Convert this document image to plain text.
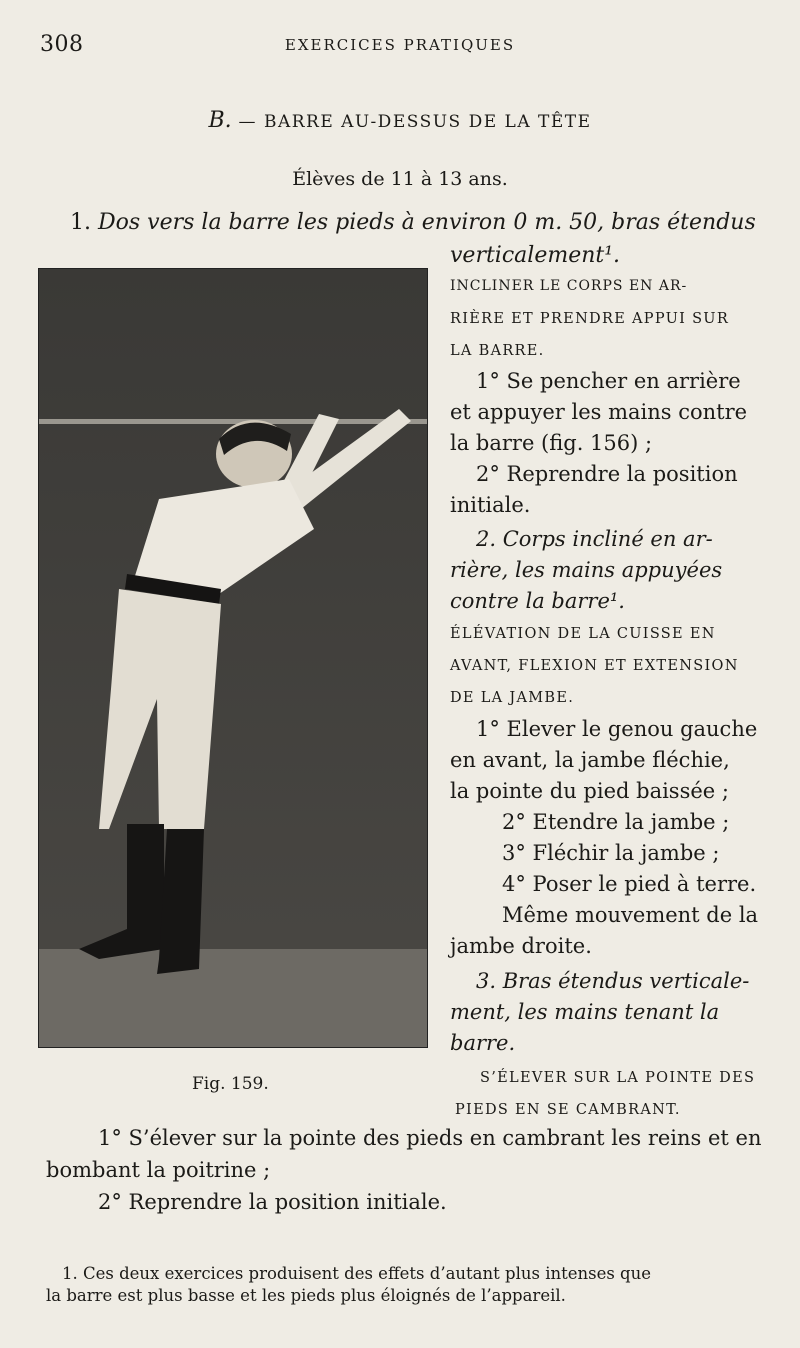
308	EXERCICES PRATIQUES
B. — BARRE AU-DESSUS DE LA TÊTE
Élèves de 11 à 13 ans.
1. Dos vers la barre les pieds à environ 0 m. 50, bras étendus
verticalement¹.
Fig. 159.
INCLINER LE CORPS EN AR-
RIÈRE ET PRENDRE APPUI SUR
LA BARRE.
1° Se pencher en arrière
et appuyer les mains contre
la barre (fig. 156) ;
2° Reprendre la position
initiale.
2. Corps incliné en ar-
rière, les mains appuyées
contre la barre¹.
ÉLÉVATION DE LA CUISSE EN
AVANT, FLEXION ET EXTENSION
DE LA JAMBE.
1° Elever le genou gauche
en avant, la jambe fléchie,
la pointe du pied baissée ;
2° Etendre la jambe ;
3° Fléchir la jambe ;
4° Poser le pied à terre.
Même mouvement de la
jambe droite.
3. Bras étendus verticale-
ment, les mains tenant la
barre.
S’ÉLEVER SUR LA POINTE DES
PIEDS EN SE CAMBRANT.
1° S’élever sur la pointe des pieds en cambrant les reins et en
bombant la poitrine ;
2° Reprendre la position initiale.
1. Ces deux exercices produisent des effets d’autant plus intenses que
la barre est plus basse et les pieds plus éloignés de l’appareil.
